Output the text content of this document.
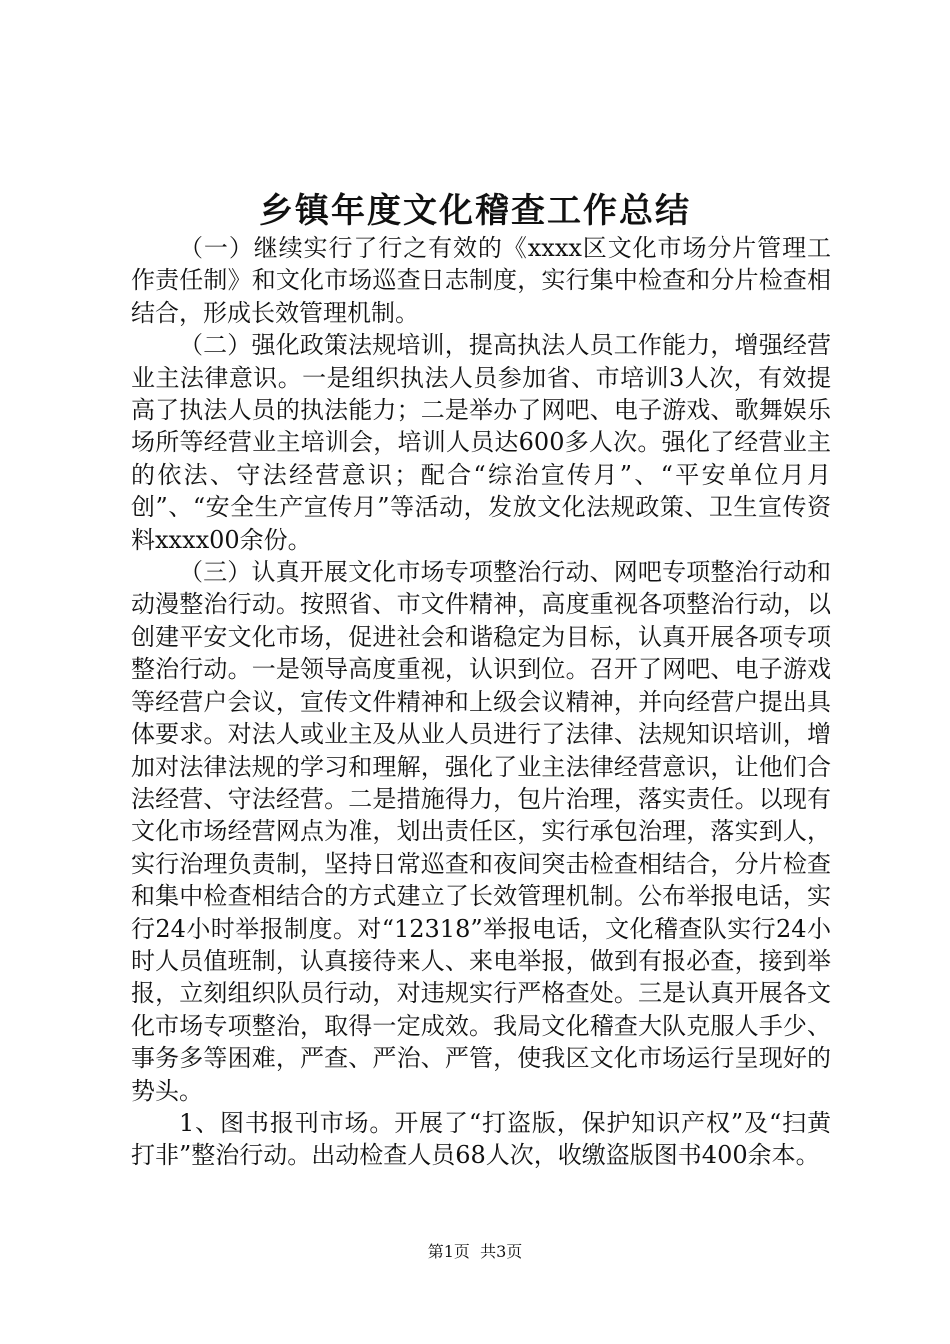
乡镇年度文化稽查工作总结

（一）继续实行了行之有效的《xxxx区文化市场分片管理工作责任制》和文化市场巡查日志制度，实行集中检查和分片检查相结合，形成长效管理机制。

（二）强化政策法规培训，提高执法人员工作能力，增强经营业主法律意识。一是组织执法人员参加省、市培训3人次，有效提高了执法人员的执法能力；二是举办了网吧、电子游戏、歌舞娱乐场所等经营业主培训会，培训人员达600多人次。强化了经营业主的依法、守法经营意识；配合“综治宣传月”、“平安单位月月创”、“安全生产宣传月”等活动，发放文化法规政策、卫生宣传资料xxxx00余份。

（三）认真开展文化市场专项整治行动、网吧专项整治行动和动漫整治行动。按照省、市文件精神，高度重视各项整治行动，以创建平安文化市场，促进社会和谐稳定为目标，认真开展各项专项整治行动。一是领导高度重视，认识到位。召开了网吧、电子游戏等经营户会议，宣传文件精神和上级会议精神，并向经营户提出具体要求。对法人或业主及从业人员进行了法律、法规知识培训，增加对法律法规的学习和理解，强化了业主法律经营意识，让他们合法经营、守法经营。二是措施得力，包片治理，落实责任。以现有文化市场经营网点为准，划出责任区，实行承包治理，落实到人，实行治理负责制，坚持日常巡查和夜间突击检查相结合，分片检查和集中检查相结合的方式建立了长效管理机制。公布举报电话，实行24小时举报制度。对“12318”举报电话，文化稽查队实行24小时人员值班制，认真接待来人、来电举报，做到有报必查，接到举报，立刻组织队员行动，对违规实行严格查处。三是认真开展各文化市场专项整治，取得一定成效。我局文化稽查大队克服人手少、事务多等困难，严查、严治、严管，使我区文化市场运行呈现好的势头。

1、图书报刊市场。开展了“打盗版，保护知识产权”及“扫黄打非”整治行动。出动检查人员68人次，收缴盗版图书400余本。

第1页 共3页
